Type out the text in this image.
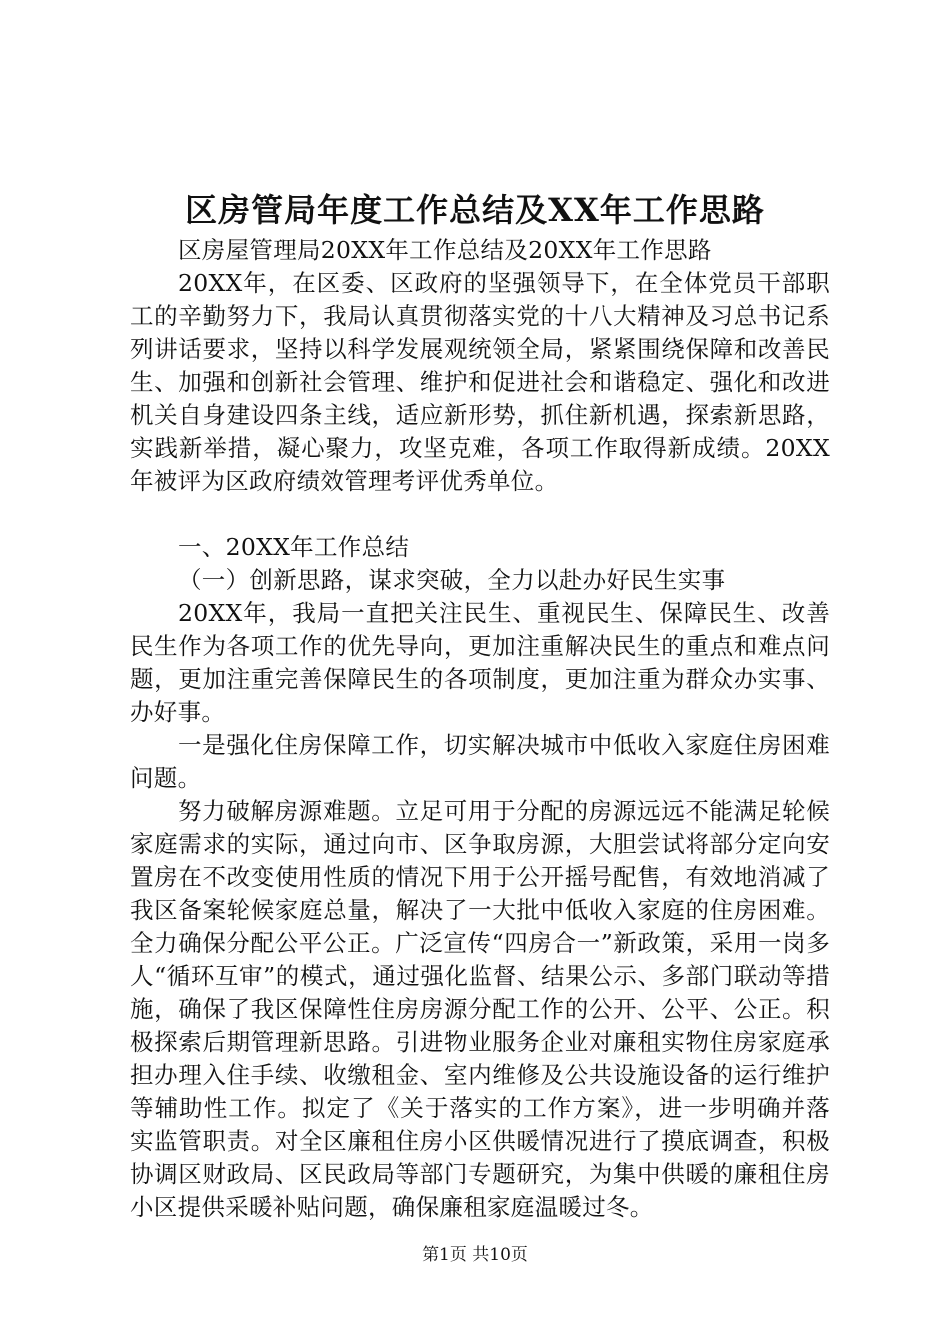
区房管局年度工作总结及XX年工作思路

区房屋管理局20XX年工作总结及20XX年工作思路

20XX年，在区委、区政府的坚强领导下，在全体党员干部职工的辛勤努力下，我局认真贯彻落实党的十八大精神及习总书记系列讲话要求，坚持以科学发展观统领全局，紧紧围绕保障和改善民生、加强和创新社会管理、维护和促进社会和谐稳定、强化和改进机关自身建设四条主线，适应新形势，抓住新机遇，探索新思路，实践新举措，凝心聚力，攻坚克难，各项工作取得新成绩。20XX年被评为区政府绩效管理考评优秀单位。

一、20XX年工作总结

（一）创新思路，谋求突破，全力以赴办好民生实事

20XX年，我局一直把关注民生、重视民生、保障民生、改善民生作为各项工作的优先导向，更加注重解决民生的重点和难点问题，更加注重完善保障民生的各项制度，更加注重为群众办实事、办好事。

一是强化住房保障工作，切实解决城市中低收入家庭住房困难问题。

努力破解房源难题。立足可用于分配的房源远远不能满足轮候家庭需求的实际，通过向市、区争取房源，大胆尝试将部分定向安置房在不改变使用性质的情况下用于公开摇号配售，有效地消减了我区备案轮候家庭总量，解决了一大批中低收入家庭的住房困难。全力确保分配公平公正。广泛宣传“四房合一”新政策，采用一岗多人“循环互审”的模式，通过强化监督、结果公示、多部门联动等措施，确保了我区保障性住房房源分配工作的公开、公平、公正。积极探索后期管理新思路。引进物业服务企业对廉租实物住房家庭承担办理入住手续、收缴租金、室内维修及公共设施设备的运行维护等辅助性工作。拟定了《关于落实的工作方案》，进一步明确并落实监管职责。对全区廉租住房小区供暖情况进行了摸底调查，积极协调区财政局、区民政局等部门专题研究，为集中供暖的廉租住房小区提供采暖补贴问题，确保廉租家庭温暖过冬。

第1页 共10页
